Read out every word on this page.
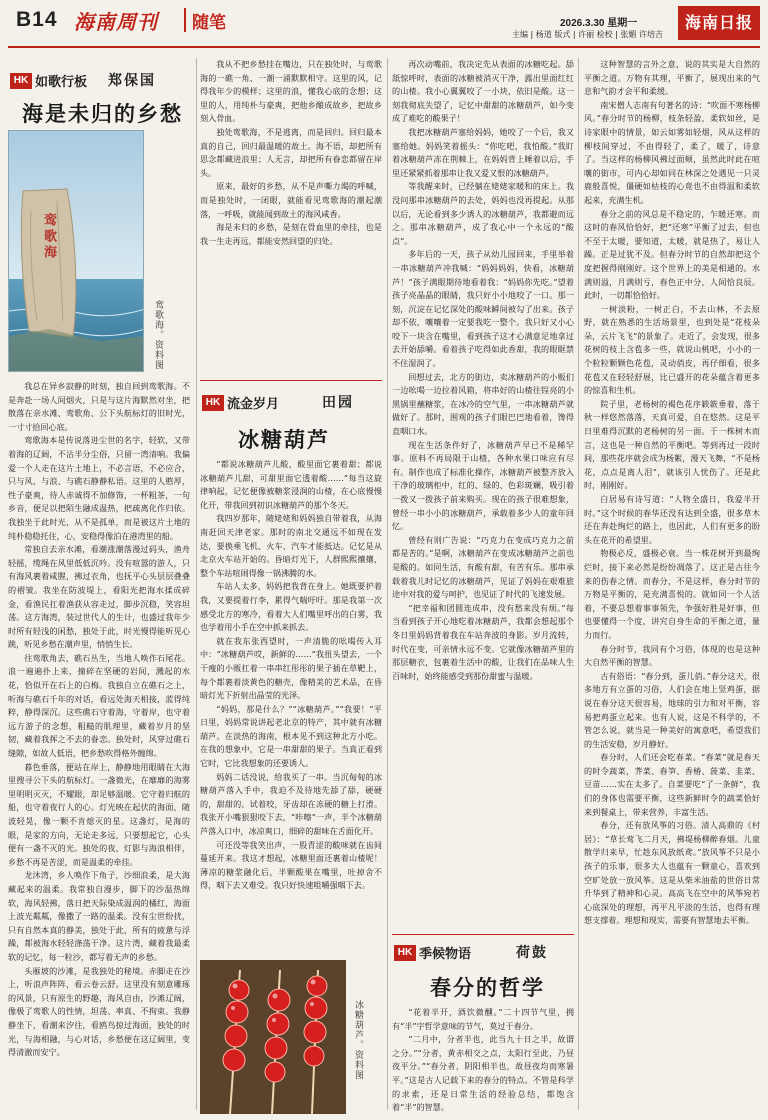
B14 海南周刊	随笔	2026.3.30 星期一
主编 | 杨道 版式 | 许丽 检校 | 张媚 许培吉
海南日报
HK 如歌行板 郑保国
海是未归的乡愁
鸾歌海
鸾歌海。资料图

我总在异乡寂静的时刻，独自回到鸾歌海。不是奔赴一场人间烟火，只是与这片海默然对坐，把散落在亲水滩、鸾歌角、公下头航标灯的旧时光，一寸寸拾回心底。

鸾歌海本是传说落进尘世的名字，轻软，又带着海的辽阔，不沾半分尘俗，只留一湾清响。我偏爱一个人走在这片土地上，不必言语，不必应合，只与风、与浪、与礁石静静私语。这里的人憨厚，性子豪爽，待人赤诚得不加修饰，一杯粗茶，一句乡音，便足以把陌生融成温热，把疏离化作归依。我独坐于此时光，从不是孤单，而是被这片土地的纯朴稳稳托住，心，安稳得像泊在港湾里的船。

常独自去亲水滩，看潮涨潮落漫过码头，渔舟轻摇，缆绳在风里低低沉吟。没有喧嚣的游人，只有海风裹着咸腥，拂过衣角，也抚平心头层层叠叠的褶皱。我坐在防波堤上，看阳光把海水揉成碎金，看渔民扛着渔获从容走过，脚步沉稳，笑容坦荡。这方海湾，装过世代人的生计，也盛过我年少时所有轻浅的闲愁，独处于此，时光慢得能听见心跳，听见乡愁在潮声里，悄悄生长。

往鸾歌角去，礁石丛生，当地人唤作石尾花。浪一遍遍扑上来，撞碎在坚硬的岩间，溅起的水花，恰似开在石上的白梅。我独自立在礁石之上，听海与礁石千年的对话，看远处海天相接，蓝得纯粹，静得深沉。这些礁石守着海，守着岸，也守着远方游子的念想，粗糙的肌理里，藏着岁月的坚韧，藏着我挥之不去的眷恋。独处时，风穿过礁石缝隙，如故人低语，把乡愁吹得格外缠绵。

暮色垂落，便站在岸上，静静地用眼睛在大海里搜寻公下头的航标灯。一盏微光，在靡靡的海雾里明明灭灭，不耀眼，却足够温暖。它守着归航的船，也守着夜行人的心。灯光映在起伏的海面，随波轻晃，像一颗不肯熄灭的星。这盏灯，是海的眼，是家的方向，无论走多远，只要想起它，心头便有一盏不灭的光。独处的夜，灯影与海浪相伴，乡愁不再是苦涩，而是温柔的牵挂。

龙沐湾，乡人唤作下角子，沙细浪柔，是大海藏起来的温柔。我常独自漫步，脚下的沙温热绵软，海风轻拂，落日把天际染成温润的橘红，海面上波光粼粼，像撒了一路的温柔。没有尘世纷扰，只有自然本真的静美，独处于此，所有的疲惫与浮躁，都被海水轻轻涤荡干净。这片湾，藏着我最柔软的记忆，每一粒沙，都写着无声的乡愁。

头雁坡的沙滩，是我独处的秘境。赤脚走在沙上，听浪声阵阵，看云卷云舒。这里没有刻意雕琢的风景，只有原生的野趣，海风自由，沙滩辽阔，像极了鸾歌人的性情，坦荡、率真、不拘束。我静静坐下，看潮来汐往，看鸥鸟掠过海面，独处的时光，与海相融，与心对话，乡愁便在这辽阔里，变得清澈而安宁。

我从不把乡愁挂在嘴边，只在独处时，与鸾歌海的一礁一角、一潮一涌默默相守。这里的风，记得我年少的模样；这里的浪，懂我心底的念想；这里的人，用纯朴与豪爽，把他乡酿成故乡，把故乡刻入骨血。

独处鸾歌海，不是逃离，而是回归。回归最本真的自己，回归最温暖的故土。海不语，却把所有思念都藏进浪里；人无言，却把所有眷恋都留在岸头。

原来，最好的乡愁，从不是声嘶力竭的呼喊，而是独处时，一闭眼，就能看见鸾歌海的潮起潮落，一呼吸，就能闻到故土的海风咸香。

海是未归的乡愁，是刻在骨血里的牵挂，也是我一生走再远，都能安然回望的归处。

HK 流金岁月	田园
冰糖葫芦

“都说冰糖葫芦儿酸，酸里面它裹着甜；都说冰糖葫芦儿甜，可甜里面它透着酸……”每当这旋律响起，记忆便像被糖浆浸润的山楂，在心底慢慢化开，带我回到初识冰糖葫芦的那个冬天。

我四岁那年，随姥姥和妈妈独自带着我，从海南赶回天津老家。那时的南北交通远不如现在发达，要换乘飞机、火车、汽车才能抵达。记忆是从北京火车站开始的。昏暗灯光下，人群熙熙攘攘，整个车站喧闹得像一锅沸腾的水。

车站人太多，妈妈把我背在身上。她既要护着我，又要提着行李，累得气喘吁吁。那是我第一次感受北方的寒冷，看着大人们嘴里呼出的白雾，我也学着用小手在空中抓来抓去。

就在我东张西望时，一声清脆的吆喝传入耳中：“冰糖葫芦哎，新鲜的……”我扭头望去，一个干瘦的小贩扛着一串串红彤彤的果子插在草靶上，每个都裹着淡黄色的糖壳，像精美的艺术品，在昏暗灯光下折射出晶莹的光泽。

“妈妈，那是什么？”“冰糖葫芦。”“我要！”平日里，妈妈常说讲起老北京的特产，其中就有冰糖葫芦。在淡热的海南，根本见不到这种北方小吃。在我的想象中，它是一串甜甜的果子。当真正看到它时，它比我想象的还要诱人。

妈妈二话没说，给我买了一串。当沉甸甸的冰糖葫芦落入手中，我迫不及待地先舔了舔，硬硬的，甜甜的。试着咬，牙齿却在冻硬的糖上打滑。我张开小嘴狠狠咬下去，“咔嚓”一声，半个冰糖葫芦落入口中，冰凉爽口，细碎的甜味在舌面化开。

可还没等我笑出声，一股青涩的酸味就在齿间蔓延开来。我这才想起，冰糖里面还裹着山楂呢！薄凉的糖浆融化后，半颗酸果在嘴里，吐掉舍不得，咽下去又难受。我只好快速咀嚼强咽下去。

冰糖葫芦。资料图

再次动嘴前，我决定先从表面的冰糖吃起。舔舐惊呼时，表面的冰糖被消灭干净，露出里面红红的山楂。我小心翼翼咬了一小块，依旧是酸。这一刻我彻底失望了，记忆中甜甜的冰糖葫芦，如今变成了难吃的酸果子！

我把冰糖葫芦塞给妈妈，她咬了一个后，我又塞给她。妈妈笑着摇头：“你吃吧，我怕酸。”我盯着冰糖葫芦冻在荆棘上，在妈妈背上睡着以后，手里还紧紧抓着那串让我又爱又恨的冰糖葫芦。

等我醒来时，已经躺在姥姥家暖和的床上。我没问那串冰糖葫芦的去处，妈妈也没再提起。从那以后，无论看到多少诱人的冰糖葫芦，我都避而远之。那串冰糖葫芦，成了我心中一个永远的“酸点”。

多年后的一天，孩子从幼儿园回来，手里举着一串冰糖葫芦冲我喊：“妈妈妈妈，快看，冰糖葫芦！”孩子满眼期待地看着我：“妈妈你先吃。”望着孩子亮晶晶的眼睛，我只好小小地咬了一口。那一刻，沉淀在记忆深处的酸味瞬间被勾了出来。孩子却不依，嚷嚷着一定要我吃一整个。我只好又小心咬下一块含在嘴里，看到孩子这才心满意足地拿过去开始舔嚼。看着孩子吃得如此香甜，我的眼眶禁不住湿润了。

回想过去，北方的街边，卖冰糖葫芦的小贩们一边吆喝一边拉着风箱，将串好的山楂往锃亮的小黑锅里蘸糖浆，在冰冷的空气里，一串冰糖葫芦就做好了。那时，围观的孩子们眼巴巴地看着，馋得直咽口水。

现在生活条件好了，冰糖葫芦早已不是稀罕事。原料不再局限于山楂，各种水果口味应有尽有。制作也成了标准化操作，冰糖葫芦被整齐放入干净的玻璃柜中，红的、绿的、色彩斑斓，吸引着一拨又一拨孩子前来购买。现在的孩子很难想象，曾经一串小小的冰糖葫芦，承载着多少人的童年回忆。

曾经有则广告说：“巧克力在变成巧克力之前都是苦的。”是啊，冰糖葫芦在变成冰糖葫芦之前也是酸的。如同生活，有酸有甜，有苦有乐。那串承载着我儿时记忆的冰糖葫芦，见证了妈妈在艰难旅途中对我的爱与呵护，也见证了时代的飞速发展。

“把幸福和团圆连成串，没有愁来没有烦。”每当看到孩子开心地吃着冰糖葫芦，我都会想起那个冬日里妈妈背着我在车站奔波的身影。岁月流转，时代在变，可亲情永远不变。它就像冰糖葫芦里的那层糖衣，包裹着生活中的酸，让我们在品味人生百味时，始终能感受到那份甜蜜与温暖。

HK 季候物语	荷鼓
春分的哲学

“花着半开，酒饮微醺。”二十四节气里，拥有“半”字哲学意味的节气，莫过于春分。

“二月中，分者半也，此当九十日之半，故谓之分。”“分者，黄赤相交之点，太阳行至此，乃昼夜平分。”“春分者，阴阳相半也，故昼夜均而寒暑平。”这是古人记载下来的春分的特点。不管是科学的求索，还是日常生活的经验总结，都饱含着“半”的智慧。

这种智慧的言外之意，说的其实是大自然的平衡之道。万物有其理，平衡了，展现出来的气息和气韵才会平和柔缓。

南宋僧人志南有句著名的诗：“吹面不寒杨柳风。”春分时节的杨柳，枝条轻盈，柔软如丝，是诗家眼中的情景，如云如雾如轻烟，风从这样的柳枝间穿过，不由得轻了，柔了，暖了，诗意了。当这样的杨柳风拂过面颊，虽然此时此在喧嚷的街市，可内心却如同在林深之处遇见一只灵鹿般喜悦，僵硬如枯枝的心竟也不由得温和柔软起来，充满生机。

春分之前的风总是不稳定的，乍暖还寒。而这时的春风恰恰好，把“还寒”平衡了过去，但也不至于太暖，要知道，太暖，就是热了，易让人躁。正是过犹不及。但春分时节的自然却把这个度把握得刚刚好。这个世界上的美是相通的。水满则溢，月满则亏，春色正中分，人间恰良辰。此时，一切都恰恰好。

一树淡粉，一树正白，不去山林，不去原野，就在熟悉的生活场景里，也到处是“花枝朵朵，云片飞飞”的景象了。走近了，会发现，很多花树的枝上含苞多一些，就说山桃吧，小小的一个粒粒颗颗色花苞，灵动俏皮，再仔细看，很多花苞又在轻轻舒展，比已盛开的花朵蕴含着更多的惊喜和生机。

院子里，老杨树的褐色花序簌簌垂着，落于秋一样悠然落落，天真可爱，自在悠然。这是平日里难得沉默的老杨树的另一面。于一株树木而言，这也是一种自然的平衡吧。等到再过一段时间，那些花序就会成为杨絮，漫天飞舞，“不是杨花，点点是离人泪”，就该引人忧伤了。还是此时，刚刚好。

白居易有诗写道：“人物全盛日，我爱半开时。”这个时候的春华还没有达到全盛，很多草木还在奔赴绚烂的路上，也因此，人们有更多的盼头在花开的希望里。

物极必反，盛极必衰。当一株花树开到最绚烂时，接下来必然是纷纷凋落了。这正是古往今来的伤春之情。而春分，不是这样，春分时节的万物是平衡的，是充满喜悦的。就如同一个人活着，不要总想着事事领先，争强好胜是好事，但也要懂得一个度，讲究自身生命的平衡之道，量力而行。

春分时节，我同有个习俗，体现的也是这种大自然平衡的智慧。

古有俗语：“春分到，蛋儿俏。”春分这天，很多地方有立蛋的习俗，人们会在地上竖鸡蛋，据说在春分这天很容易，地球的引力和对平衡，容易把鸡蛋立起来。也有人说，这是不科学的，不管怎么说，就当是一种美好的寓意吧，希望我们的生活安稳，岁月静好。

春分时，人们还会吃春菜。“春菜”就是春天的时令蔬菜，荠菜、春笋、香椿、菠菜、韭菜、豆苗……实在太多了。自菜要吃“了一条鲜”，我们的身体也需要平衡，这些新鲜时令的蔬菜恰好来到餐桌上，带来营养，丰富生活。

春分，还有放风筝的习俗。清人高鼎的《村居》：“草长莺飞二月天，拂堤杨柳醉春烟。儿童散学归来早，忙趁东风放纸鸢。”放风筝不只是小孩子的乐事，很多大人也蕴有一颗童心，喜欢到空旷处放一放风筝。这是从柴米油盐的世俗日常升华到了精神和心灵。高高飞在空中的风筝宛若心底深处的理想，再平凡平淡的生活，也得有理想支撑着。理想和现实，需要有智慧地去平衡。
